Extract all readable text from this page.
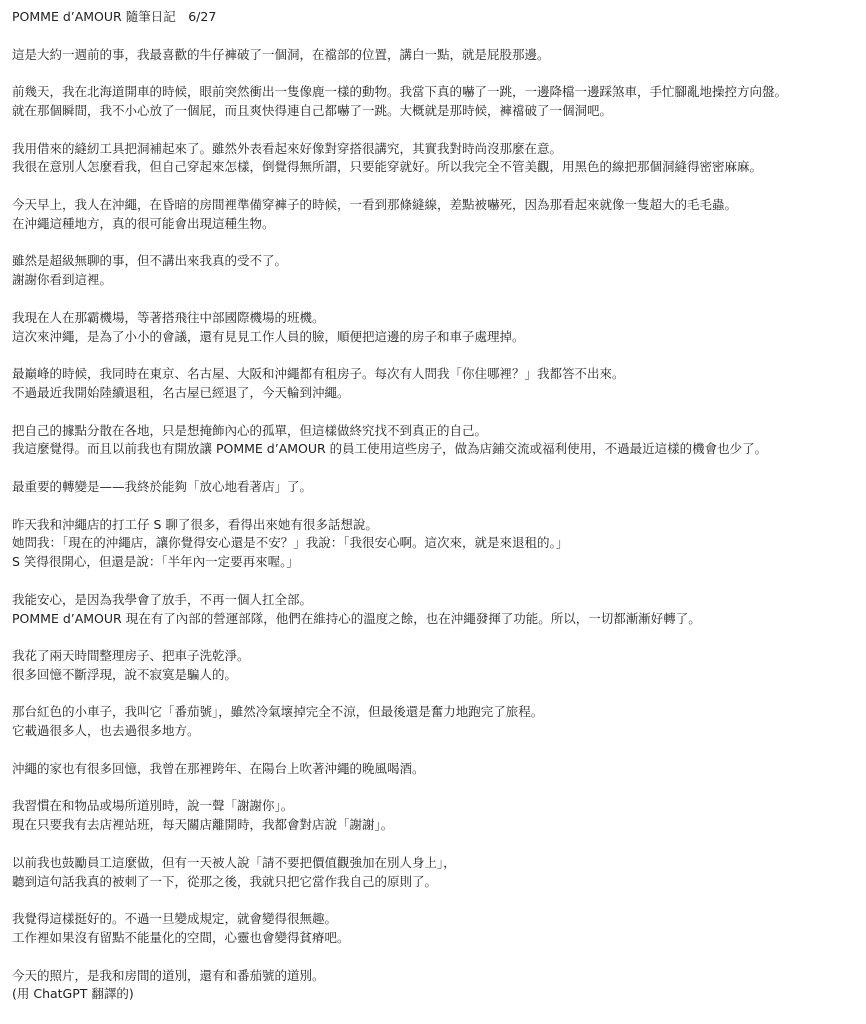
POMME d’AMOUR 隨筆日記　6/27
這是大約一週前的事，我最喜歡的牛仔褲破了一個洞，在襠部的位置，講白一點，就是屁股那邊。
前幾天，我在北海道開車的時候，眼前突然衝出一隻像鹿一樣的動物。我當下真的嚇了一跳，一邊降檔一邊踩煞車，手忙腳亂地操控方向盤。
就在那個瞬間，我不小心放了一個屁，而且爽快得連自己都嚇了一跳。大概就是那時候，褲襠破了一個洞吧。
我用借來的縫紉工具把洞補起來了。雖然外表看起來好像對穿搭很講究，其實我對時尚沒那麼在意。
我很在意別人怎麼看我，但自己穿起來怎樣，倒覺得無所謂，只要能穿就好。所以我完全不管美觀，用黑色的線把那個洞縫得密密麻麻。
今天早上，我人在沖繩，在昏暗的房間裡準備穿褲子的時候，一看到那條縫線，差點被嚇死，因為那看起來就像一隻超大的毛毛蟲。
在沖繩這種地方，真的很可能會出現這種生物。
雖然是超級無聊的事，但不講出來我真的受不了。
謝謝你看到這裡。
我現在人在那霸機場，等著搭飛往中部國際機場的班機。
這次來沖繩，是為了小小的會議，還有見見工作人員的臉，順便把這邊的房子和車子處理掉。
最巔峰的時候，我同時在東京、名古屋、大阪和沖繩都有租房子。每次有人問我「你住哪裡？」我都答不出來。
不過最近我開始陸續退租，名古屋已經退了，今天輪到沖繩。
把自己的據點分散在各地，只是想掩飾內心的孤單，但這樣做終究找不到真正的自己。
我這麼覺得。而且以前我也有開放讓 POMME d’AMOUR 的員工使用這些房子，做為店鋪交流或福利使用，不過最近這樣的機會也少了。
最重要的轉變是——我終於能夠「放心地看著店」了。
昨天我和沖繩店的打工仔 S 聊了很多，看得出來她有很多話想說。
她問我：「現在的沖繩店，讓你覺得安心還是不安？」我說：「我很安心啊。這次來，就是來退租的。」
S 笑得很開心，但還是說：「半年內一定要再來喔。」
我能安心，是因為我學會了放手，不再一個人扛全部。
POMME d’AMOUR 現在有了內部的營運部隊，他們在維持心的溫度之餘，也在沖繩發揮了功能。所以，一切都漸漸好轉了。
我花了兩天時間整理房子、把車子洗乾淨。
很多回憶不斷浮現，說不寂寞是騙人的。
那台紅色的小車子，我叫它「番茄號」，雖然冷氣壞掉完全不涼，但最後還是奮力地跑完了旅程。
它載過很多人，也去過很多地方。
沖繩的家也有很多回憶，我曾在那裡跨年、在陽台上吹著沖繩的晚風喝酒。
我習慣在和物品或場所道別時，說一聲「謝謝你」。
現在只要我有去店裡站班，每天關店離開時，我都會對店說「謝謝」。
以前我也鼓勵員工這麼做，但有一天被人說「請不要把價值觀強加在別人身上」，
聽到這句話我真的被刺了一下，從那之後，我就只把它當作我自己的原則了。
我覺得這樣挺好的。不過一旦變成規定，就會變得很無趣。
工作裡如果沒有留點不能量化的空間，心靈也會變得貧瘠吧。
今天的照片，是我和房間的道別，還有和番茄號的道別。
(用 ChatGPT 翻譯的)
